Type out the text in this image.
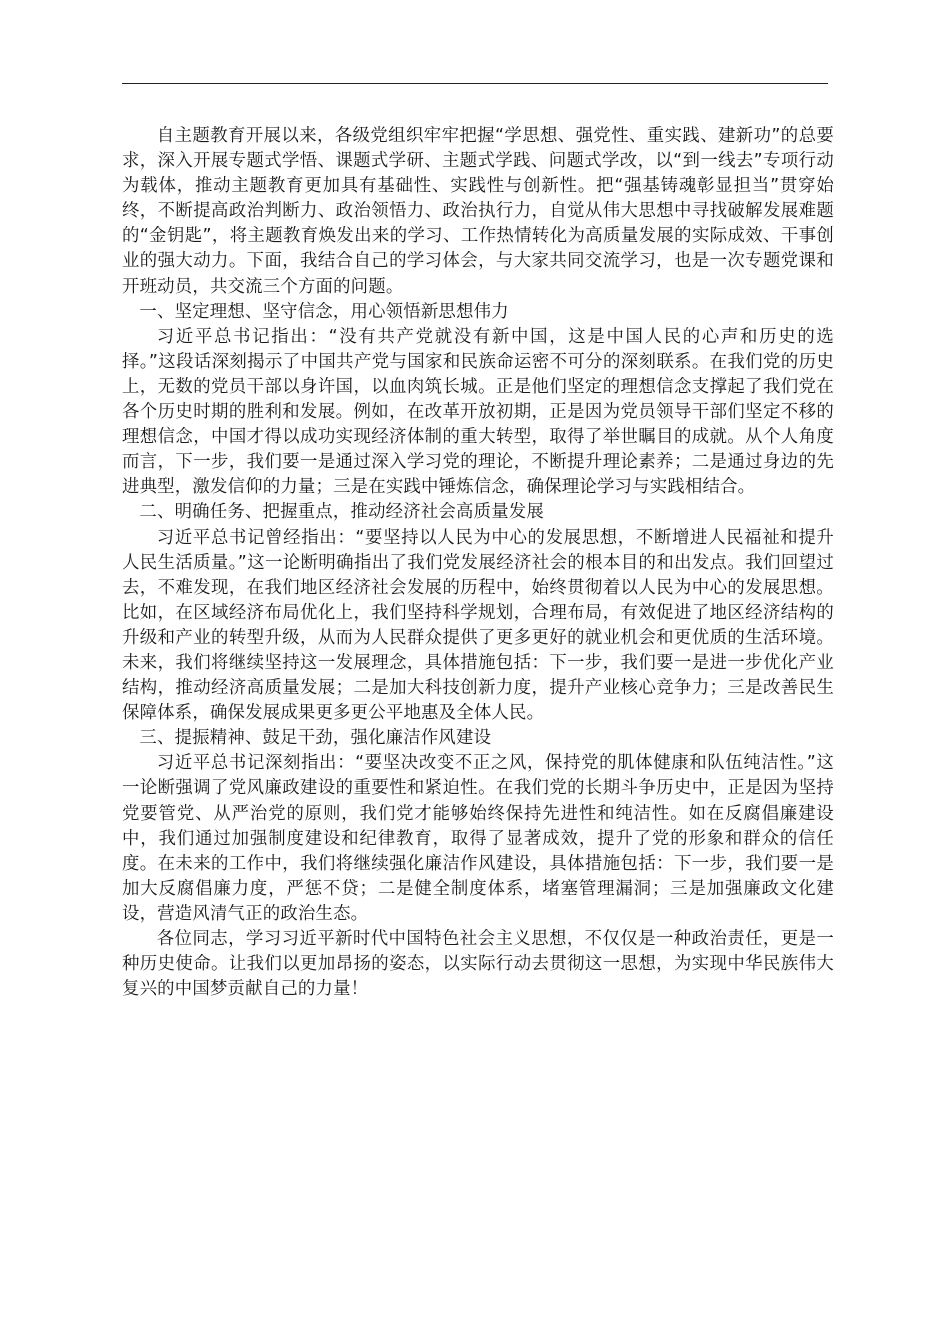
自主题教育开展以来，各级党组织牢牢把握“学思想、强党性、重实践、建新功”的总要求，深入开展专题式学悟、课题式学研、主题式学践、问题式学改，以“到一线去”专项行动为载体，推动主题教育更加具有基础性、实践性与创新性。把“强基铸魂彰显担当”贯穿始终，不断提高政治判断力、政治领悟力、政治执行力，自觉从伟大思想中寻找破解发展难题的“金钥匙”，将主题教育焕发出来的学习、工作热情转化为高质量发展的实际成效、干事创业的强大动力。下面，我结合自己的学习体会，与大家共同交流学习，也是一次专题党课和开班动员，共交流三个方面的问题。

一、坚定理想、坚守信念，用心领悟新思想伟力

习近平总书记指出：“没有共产党就没有新中国，这是中国人民的心声和历史的选择。”这段话深刻揭示了中国共产党与国家和民族命运密不可分的深刻联系。在我们党的历史上，无数的党员干部以身许国，以血肉筑长城。正是他们坚定的理想信念支撑起了我们党在各个历史时期的胜利和发展。例如，在改革开放初期，正是因为党员领导干部们坚定不移的理想信念，中国才得以成功实现经济体制的重大转型，取得了举世瞩目的成就。从个人角度而言，下一步，我们要一是通过深入学习党的理论，不断提升理论素养；二是通过身边的先进典型，激发信仰的力量；三是在实践中锤炼信念，确保理论学习与实践相结合。

二、明确任务、把握重点，推动经济社会高质量发展

习近平总书记曾经指出：“要坚持以人民为中心的发展思想，不断增进人民福祉和提升人民生活质量。”这一论断明确指出了我们党发展经济社会的根本目的和出发点。我们回望过去，不难发现，在我们地区经济社会发展的历程中，始终贯彻着以人民为中心的发展思想。比如，在区域经济布局优化上，我们坚持科学规划，合理布局，有效促进了地区经济结构的升级和产业的转型升级，从而为人民群众提供了更多更好的就业机会和更优质的生活环境。未来，我们将继续坚持这一发展理念，具体措施包括：下一步，我们要一是进一步优化产业结构，推动经济高质量发展；二是加大科技创新力度，提升产业核心竞争力；三是改善民生保障体系，确保发展成果更多更公平地惠及全体人民。

三、提振精神、鼓足干劲，强化廉洁作风建设

习近平总书记深刻指出：“要坚决改变不正之风，保持党的肌体健康和队伍纯洁性。”这一论断强调了党风廉政建设的重要性和紧迫性。在我们党的长期斗争历史中，正是因为坚持党要管党、从严治党的原则，我们党才能够始终保持先进性和纯洁性。如在反腐倡廉建设中，我们通过加强制度建设和纪律教育，取得了显著成效，提升了党的形象和群众的信任度。在未来的工作中，我们将继续强化廉洁作风建设，具体措施包括：下一步，我们要一是加大反腐倡廉力度，严惩不贷；二是健全制度体系，堵塞管理漏洞；三是加强廉政文化建设，营造风清气正的政治生态。

各位同志，学习习近平新时代中国特色社会主义思想，不仅仅是一种政治责任，更是一种历史使命。让我们以更加昂扬的姿态，以实际行动去贯彻这一思想，为实现中华民族伟大复兴的中国梦贡献自己的力量！
